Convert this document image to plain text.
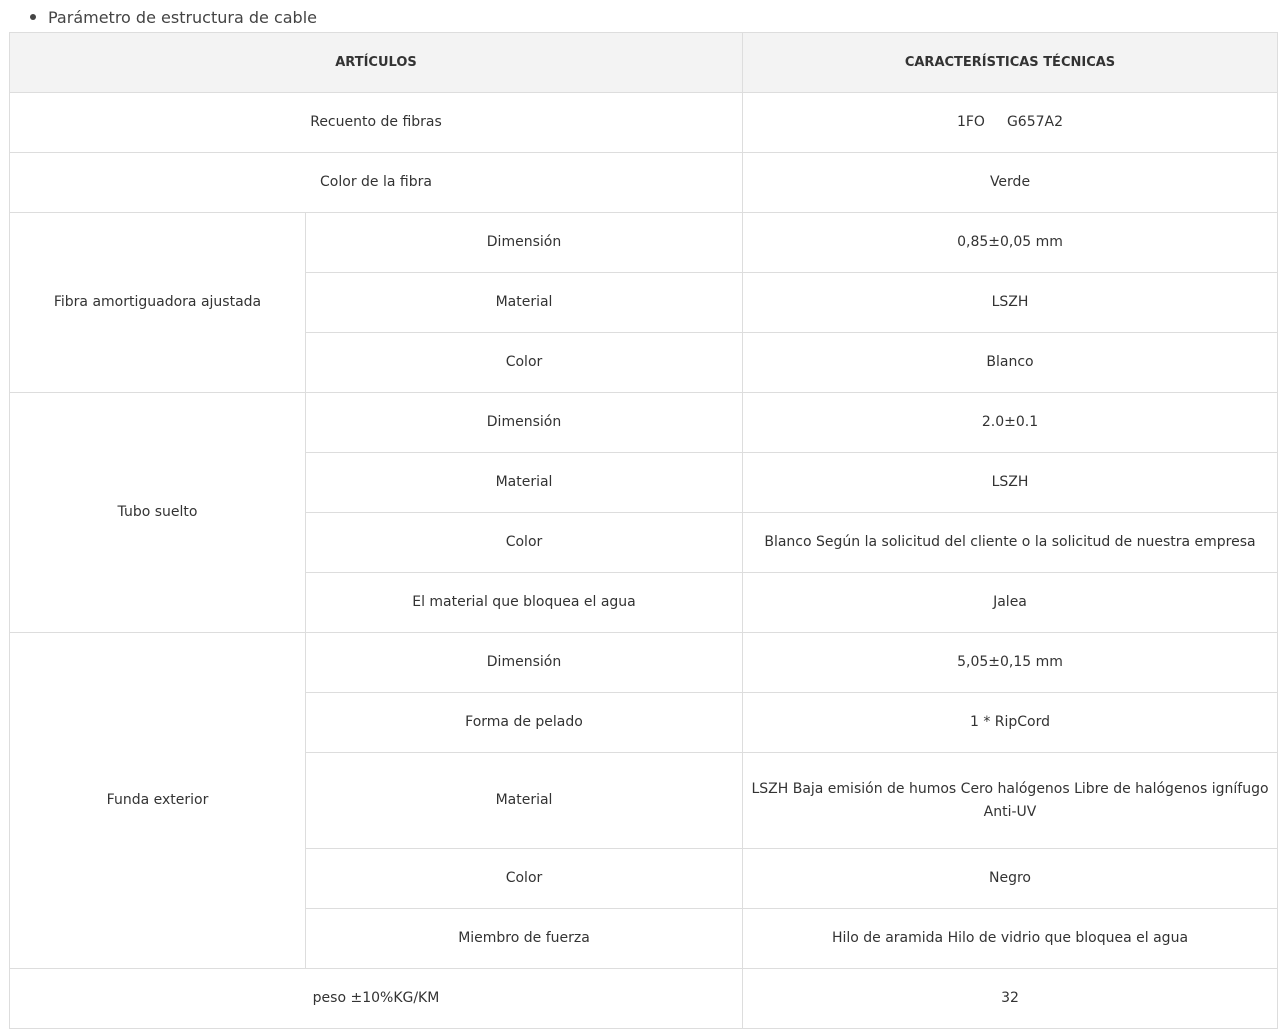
Parámetro de estructura de cable
ARTÍCULOS		CARACTERÍSTICAS TÉCNICAS
Recuento de fibras		1FO G657A2
Color de la fibra		Verde
Fibra amortiguadora ajustada	Dimensión	0,85±0,05 mm
	Material	LSZH
	Color	Blanco
Tubo suelto	Dimensión	2.0±0.1
	Material	LSZH
	Color	Blanco Según la solicitud del cliente o la solicitud de nuestra empresa
	El material que bloquea el agua	Jalea
Funda exterior	Dimensión	5,05±0,15 mm
	Forma de pelado	1 * RipCord
	Material	LSZH Baja emisión de humos Cero halógenos Libre de halógenos ignífugo Anti-UV
	Color	Negro
	Miembro de fuerza	Hilo de aramida Hilo de vidrio que bloquea el agua
peso ±10%KG/KM		32
